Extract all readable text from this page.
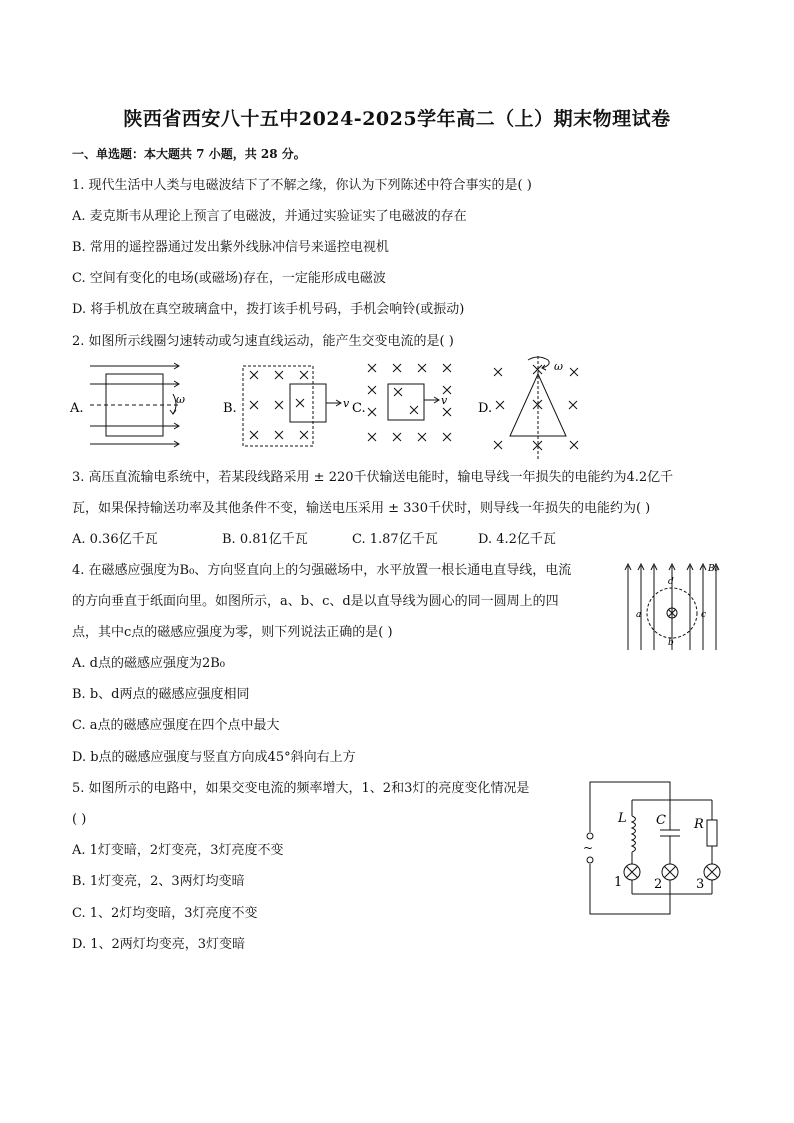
陕西省西安八十五中2024-2025学年高二（上）期末物理试卷
一、单选题：本大题共 7 小题，共 28 分。
1. 现代生活中人类与电磁波结下了不解之缘，你认为下列陈述中符合事实的是( )
A. 麦克斯韦从理论上预言了电磁波，并通过实验证实了电磁波的存在
B. 常用的遥控器通过发出紫外线脉冲信号来遥控电视机
C. 空间有变化的电场(或磁场)存在，一定能形成电磁波
D. 将手机放在真空玻璃盒中，拨打该手机号码，手机会响铃(或振动)
2. 如图所示线圈匀速转动或匀速直线运动，能产生交变电流的是( )
A.
ω
B.	v C.
v
D.
ω
3. 高压直流输电系统中，若某段线路采用 ± 220千伏输送电能时，输电导线一年损失的电能约为4.2亿千
瓦，如果保持输送功率及其他条件不变，输送电压采用 ± 330千伏时，则导线一年损失的电能约为( )
A. 0.36亿千瓦	B. 0.81亿千瓦	C. 1.87亿千瓦	D. 4.2亿千瓦
4. 在磁感应强度为B₀、方向竖直向上的匀强磁场中，水平放置一根长通电直导线，电流
的方向垂直于纸面向里。如图所示，a、b、c、d是以直导线为圆心的同一圆周上的四
点，其中c点的磁感应强度为零，则下列说法正确的是( )
A. d点的磁感应强度为2B₀
B. b、d两点的磁感应强度相同
C. a点的磁感应强度在四个点中最大
D. b点的磁感应强度与竖直方向成45°斜向右上方
B₀
a
b
c
d
5. 如图所示的电路中，如果交变电流的频率增大，1、2和3灯的亮度变化情况是
( )
A. 1灯变暗，2灯变亮，3灯亮度不变
B. 1灯变亮，2、3两灯均变暗
C. 1、2灯均变暗，3灯亮度不变
D. 1、2两灯均变亮，3灯变暗
~
L C R
1 2	3
